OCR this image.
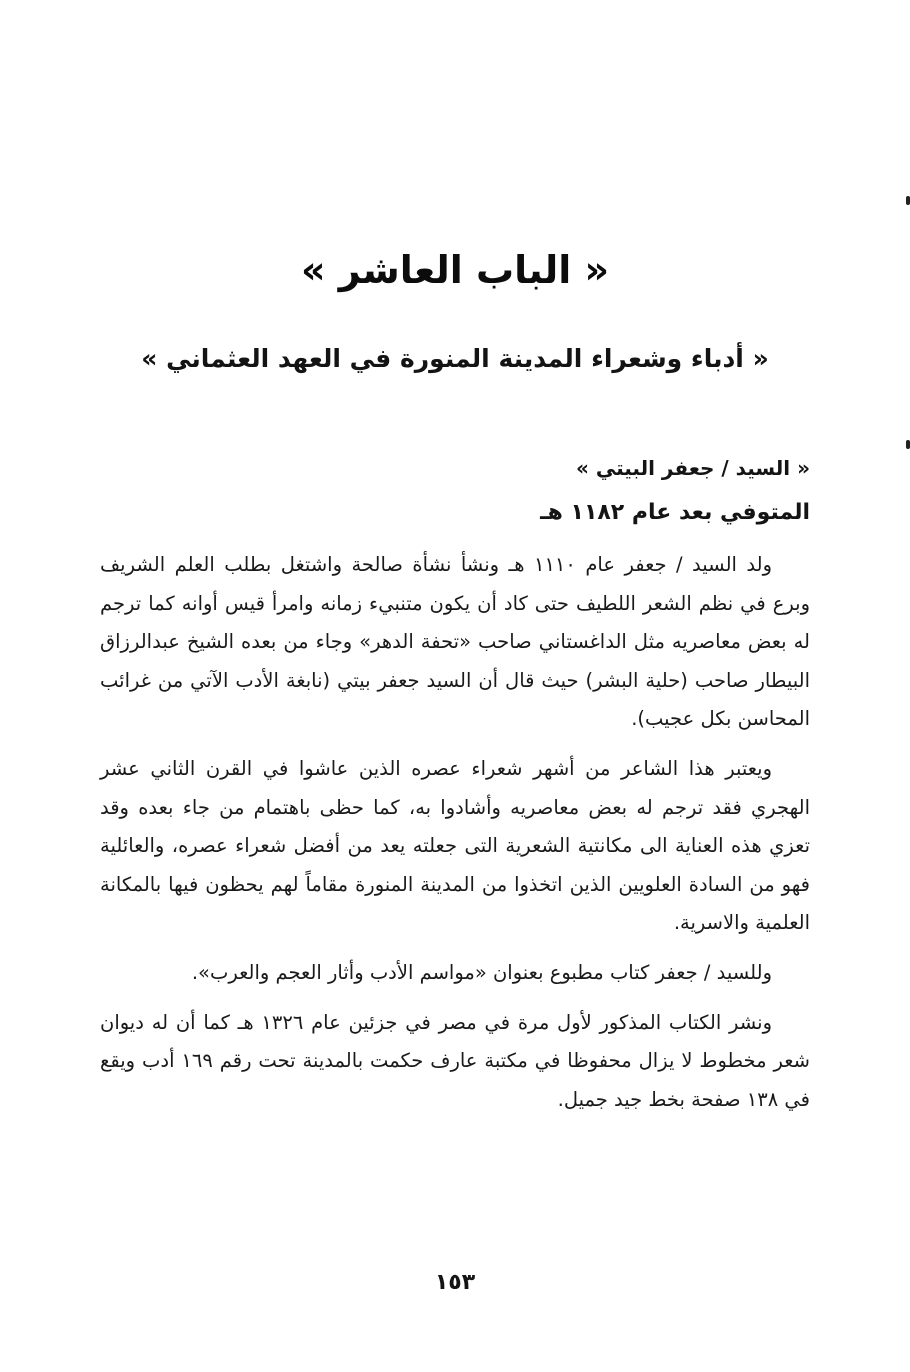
« الباب العاشر »
« أدباء وشعراء المدينة المنورة في العهد العثماني »
« السيد / جعفر البيتي »
المتوفي بعد عام ١١٨٢ هـ

ولد السيد / جعفر عام ١١١٠ هـ ونشأ نشأة صالحة واشتغل بطلب العلم الشريف وبرع في نظم الشعر اللطيف حتى كاد أن يكون متنبيء زمانه وامرأ قيس أوانه كما ترجم له بعض معاصريه مثل الداغستاني صاحب «تحفة الدهر» وجاء من بعده الشيخ عبدالرزاق البيطار صاحب (حلية البشر) حيث قال أن السيد جعفر بيتي (نابغة الأدب الآتي من غرائب المحاسن بكل عجيب).

ويعتبر هذا الشاعر من أشهر شعراء عصره الذين عاشوا في القرن الثاني عشر الهجري فقد ترجم له بعض معاصريه وأشادوا به، كما حظى باهتمام من جاء بعده وقد تعزي هذه العناية الى مكانتية الشعرية التى جعلته يعد من أفضل شعراء عصره، والعائلية فهو من السادة العلويين الذين اتخذوا من المدينة المنورة مقاماً لهم يحظون فيها بالمكانة العلمية والاسرية.

وللسيد / جعفر كتاب مطبوع بعنوان «مواسم الأدب وأثار العجم والعرب».

ونشر الكتاب المذكور لأول مرة في مصر في جزئين عام ١٣٢٦ هـ كما أن له ديوان شعر مخطوط لا يزال محفوظا في مكتبة عارف حكمت بالمدينة تحت رقم ١٦٩ أدب ويقع في ١٣٨ صفحة بخط جيد جميل.

١٥٣
